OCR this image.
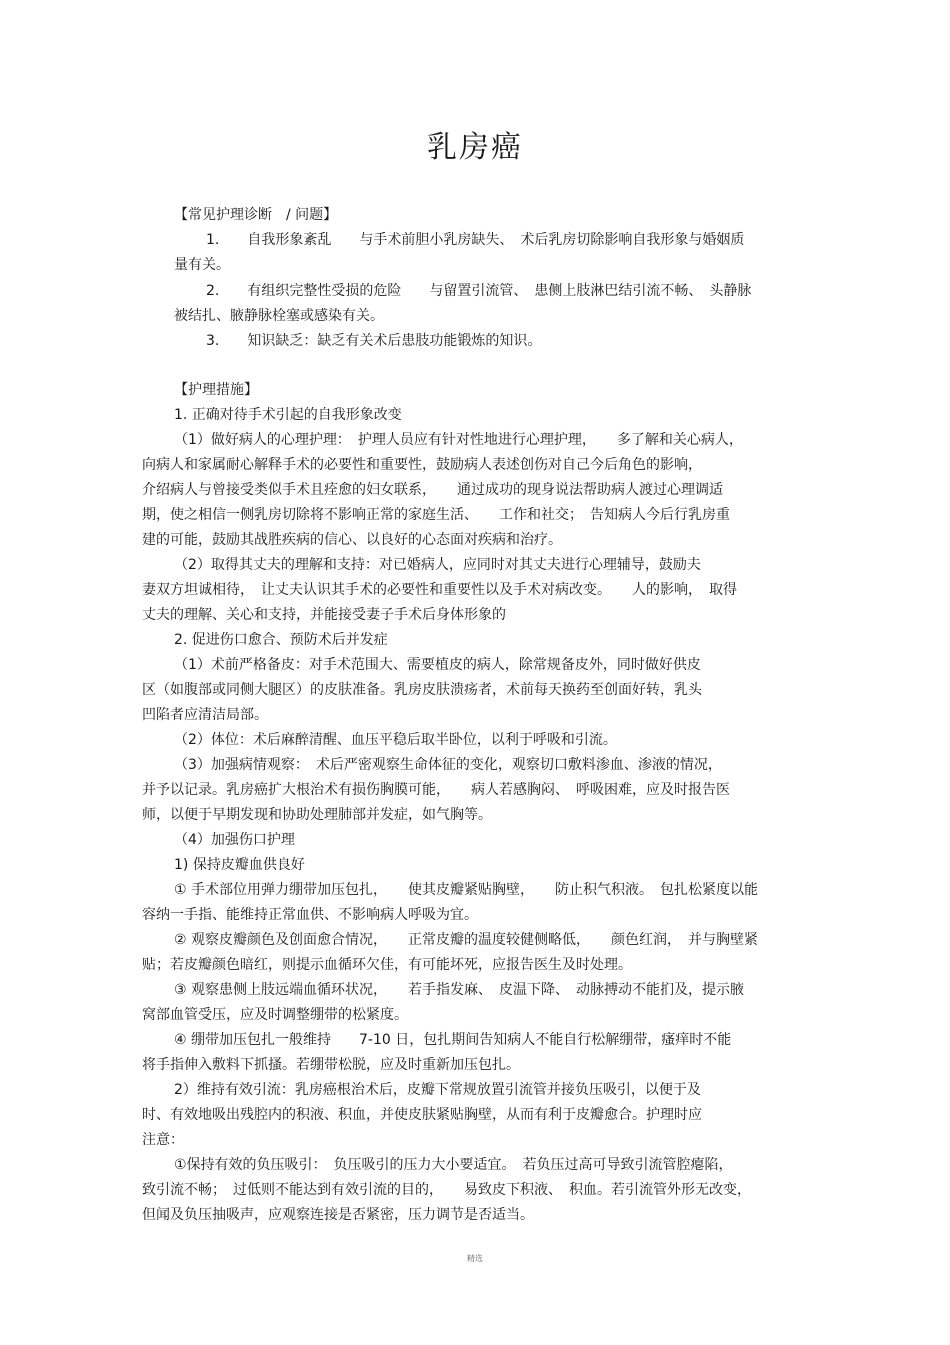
乳房癌

【常见护理诊断　/ 问题】

1.　　自我形象紊乱　　与手术前胆小乳房缺失、　术后乳房切除影响自我形象与婚姻质

量有关。

2.　　有组织完整性受损的危险　　与留置引流管、　患侧上肢淋巴结引流不畅、　头静脉

被结扎、腋静脉栓塞或感染有关。

3.　　知识缺乏：缺乏有关术后患肢功能锻炼的知识。

【护理措施】

1. 正确对待手术引起的自我形象改变

（1）做好病人的心理护理：　护理人员应有针对性地进行心理护理，　　多了解和关心病人，

向病人和家属耐心解释手术的必要性和重要性，鼓励病人表述创伤对自己今后角色的影响，

介绍病人与曾接受类似手术且痊愈的妇女联系，　　通过成功的现身说法帮助病人渡过心理调适

期，使之相信一侧乳房切除将不影响正常的家庭生活、　　工作和社交；　告知病人今后行乳房重

建的可能，鼓励其战胜疾病的信心、以良好的心态面对疾病和治疗。

（2）取得其丈夫的理解和支持：对已婚病人，应同时对其丈夫进行心理辅导，鼓励夫

妻双方坦诚相待，　让丈夫认识其手术的必要性和重要性以及手术对病改变。　　人的影响，　取得

丈夫的理解、关心和支持，并能接受妻子手术后身体形象的

2. 促进伤口愈合、预防术后并发症

（1）术前严格备皮：对手术范围大、需要植皮的病人，除常规备皮外，同时做好供皮

区（如腹部或同侧大腿区）的皮肤准备。乳房皮肤溃疡者，术前每天换药至创面好转，乳头

凹陷者应清洁局部。

（2）体位：术后麻醉清醒、血压平稳后取半卧位，以利于呼吸和引流。

（3）加强病情观察：　术后严密观察生命体征的变化，观察切口敷料渗血、渗液的情况，

并予以记录。乳房癌扩大根治术有损伤胸膜可能，　　病人若感胸闷、　呼吸困难，应及时报告医

师，以便于早期发现和协助处理肺部并发症，如气胸等。

（4）加强伤口护理

1) 保持皮瓣血供良好

① 手术部位用弹力绷带加压包扎，　　使其皮瓣紧贴胸壁，　　防止积气积液。　包扎松紧度以能

容纳一手指、能维持正常血供、不影响病人呼吸为宜。

② 观察皮瓣颜色及创面愈合情况，　　正常皮瓣的温度较健侧略低，　　颜色红润，　并与胸壁紧

贴；若皮瓣颜色暗红，则提示血循环欠佳，有可能坏死，应报告医生及时处理。

③ 观察患侧上肢远端血循环状况，　　若手指发麻、　皮温下降、　动脉搏动不能扪及，提示腋

窝部血管受压，应及时调整绷带的松紧度。

④ 绷带加压包扎一般维持　　7-10 日，包扎期间告知病人不能自行松解绷带，瘙痒时不能

将手指伸入敷料下抓搔。若绷带松脱，应及时重新加压包扎。

2）维持有效引流：乳房癌根治术后，皮瓣下常规放置引流管并接负压吸引，以便于及

时、有效地吸出残腔内的积液、积血，并使皮肤紧贴胸壁，从而有利于皮瓣愈合。护理时应

注意：

①保持有效的负压吸引：　负压吸引的压力大小要适宜。　若负压过高可导致引流管腔瘪陷，

致引流不畅；　过低则不能达到有效引流的目的，　　易致皮下积液、　积血。若引流管外形无改变，

但闻及负压抽吸声，应观察连接是否紧密，压力调节是否适当。

精选
